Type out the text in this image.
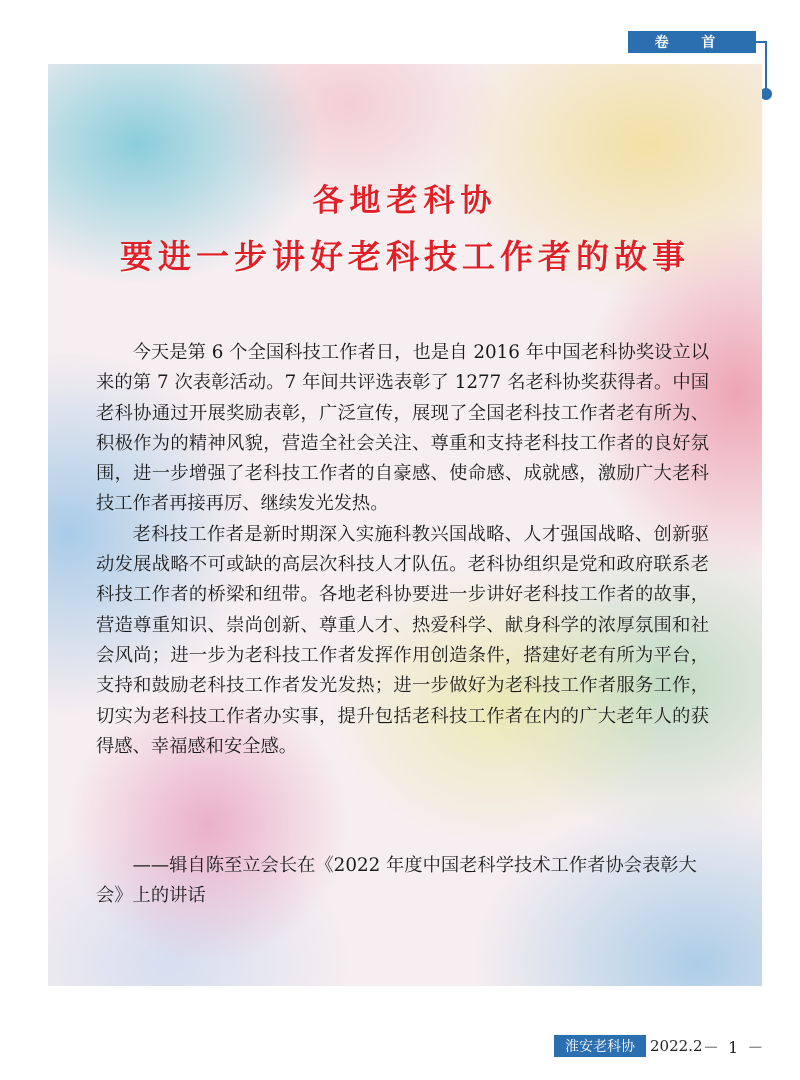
卷 首
各地老科协
要进一步讲好老科技工作者的故事

今天是第 6 个全国科技工作者日，也是自 2016 年中国老科协奖设立以来的第 7 次表彰活动。7 年间共评选表彰了 1277 名老科协奖获得者。中国老科协通过开展奖励表彰，广泛宣传，展现了全国老科技工作者老有所为、积极作为的精神风貌，营造全社会关注、尊重和支持老科技工作者的良好氛围，进一步增强了老科技工作者的自豪感、使命感、成就感，激励广大老科技工作者再接再厉、继续发光发热。

老科技工作者是新时期深入实施科教兴国战略、人才强国战略、创新驱动发展战略不可或缺的高层次科技人才队伍。老科协组织是党和政府联系老科技工作者的桥梁和纽带。各地老科协要进一步讲好老科技工作者的故事，营造尊重知识、崇尚创新、尊重人才、热爱科学、献身科学的浓厚氛围和社会风尚；进一步为老科技工作者发挥作用创造条件，搭建好老有所为平台，支持和鼓励老科技工作者发光发热；进一步做好为老科技工作者服务工作，切实为老科技工作者办实事，提升包括老科技工作者在内的广大老年人的获得感、幸福感和安全感。

——辑自陈至立会长在《2022 年度中国老科学技术工作者协会表彰大会》上的讲话

淮安老科协	2022.2 － 1 －
